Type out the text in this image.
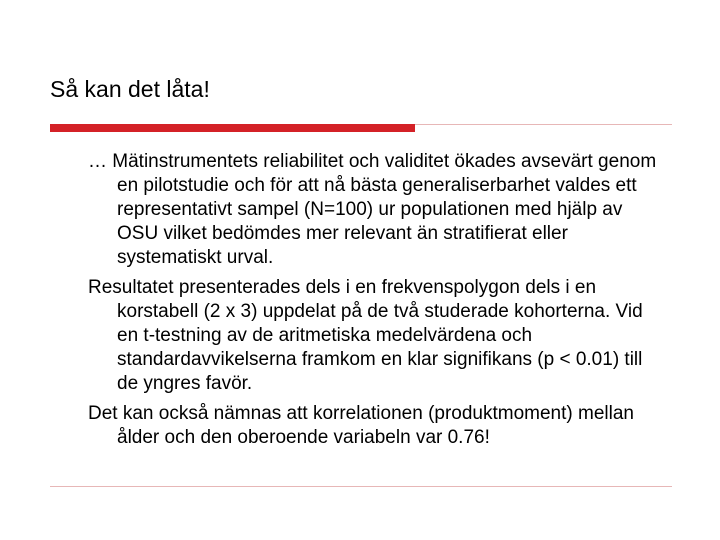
Så kan det låta!

… Mätinstrumentets reliabilitet och validitet ökades avsevärt genom en pilotstudie och för att nå bästa generaliserbarhet valdes ett representativt sampel (N=100) ur populationen med hjälp av OSU vilket bedömdes mer relevant än stratifierat eller systematiskt urval.

Resultatet presenterades dels i en frekvenspolygon dels i en korstabell (2 x 3) uppdelat på de två studerade kohorterna. Vid en t-testning av de aritmetiska medelvärdena och standardavvikelserna framkom en klar signifikans (p < 0.01) till de yngres favör.

Det kan också nämnas att korrelationen (produktmoment) mellan ålder och den oberoende variabeln var 0.76!
